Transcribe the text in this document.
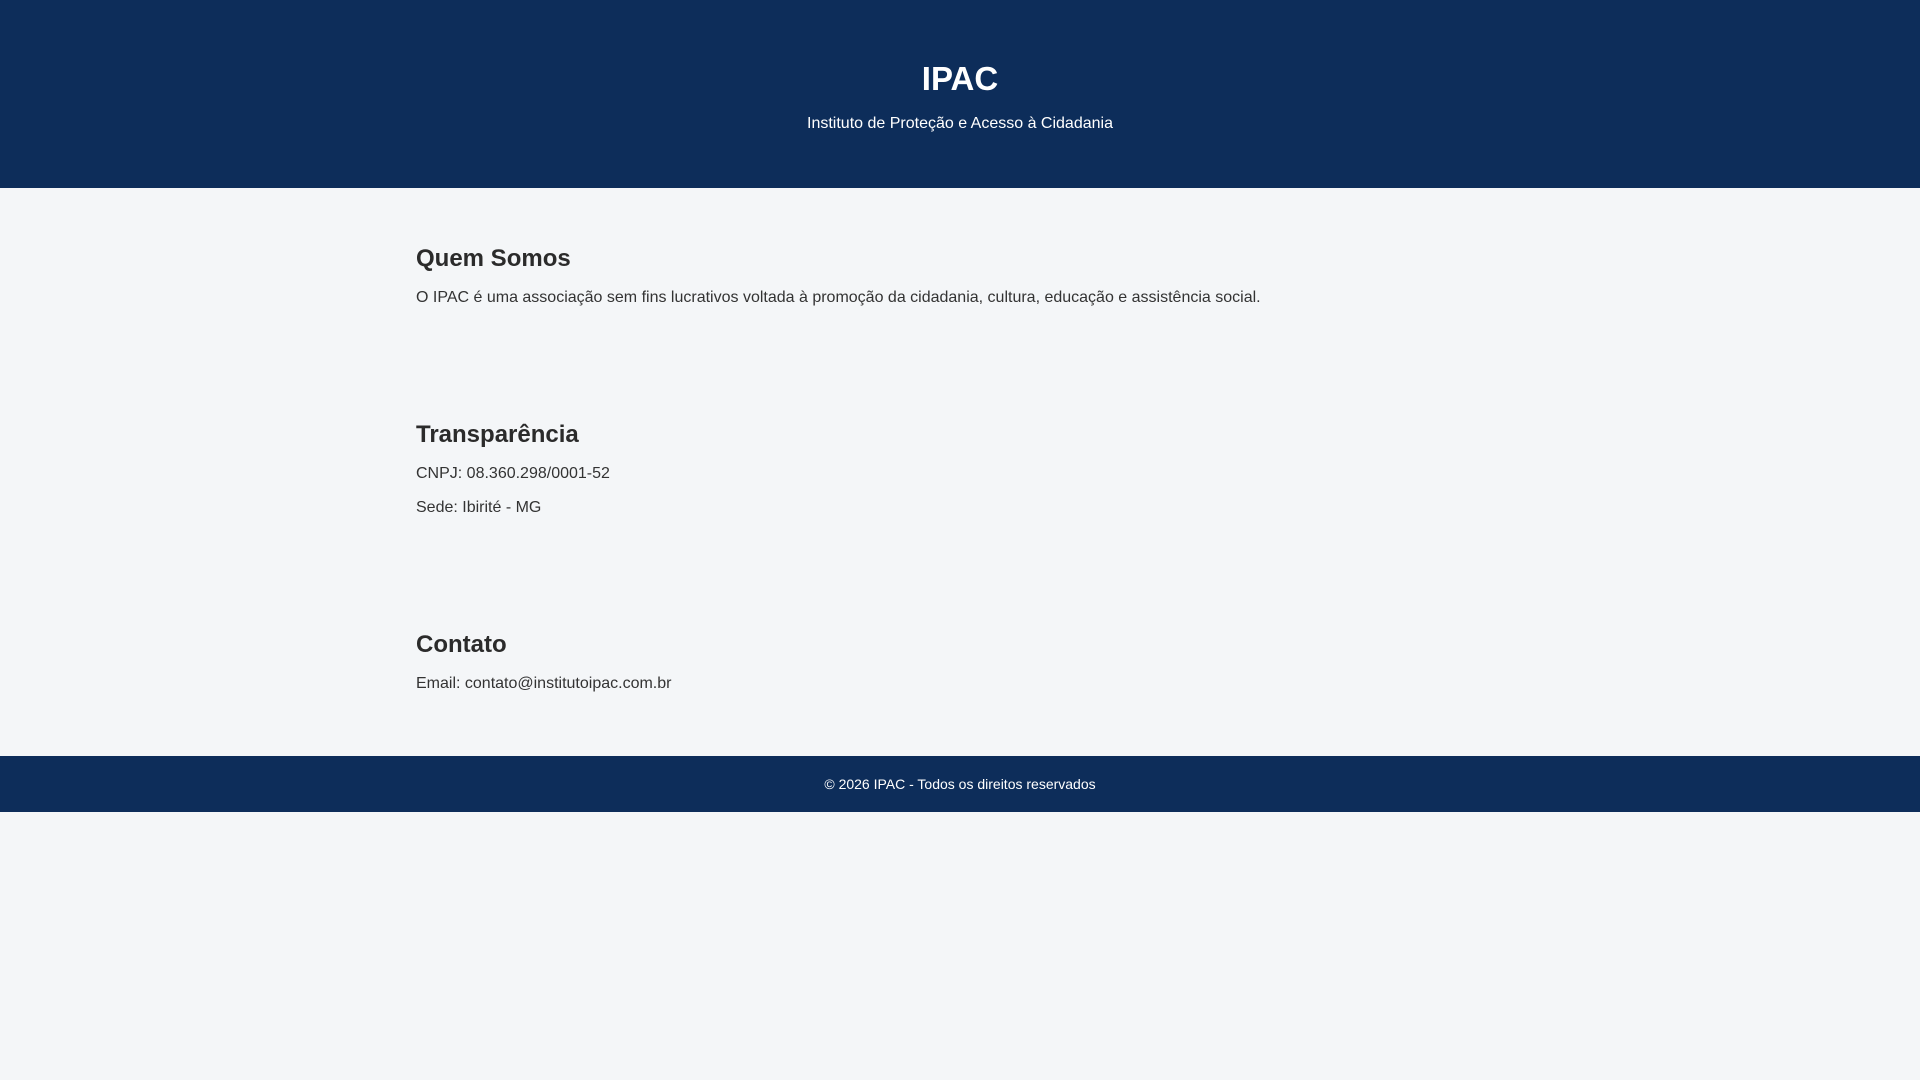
IPAC

Instituto de Proteção e Acesso à Cidadania

Quem Somos

O IPAC é uma associação sem fins lucrativos voltada à promoção da cidadania, cultura, educação e assistência social.

Transparência

CNPJ: 08.360.298/0001-52

Sede: Ibirité - MG

Contato

Email: contato@institutoipac.com.br

© 2026 IPAC - Todos os direitos reservados
